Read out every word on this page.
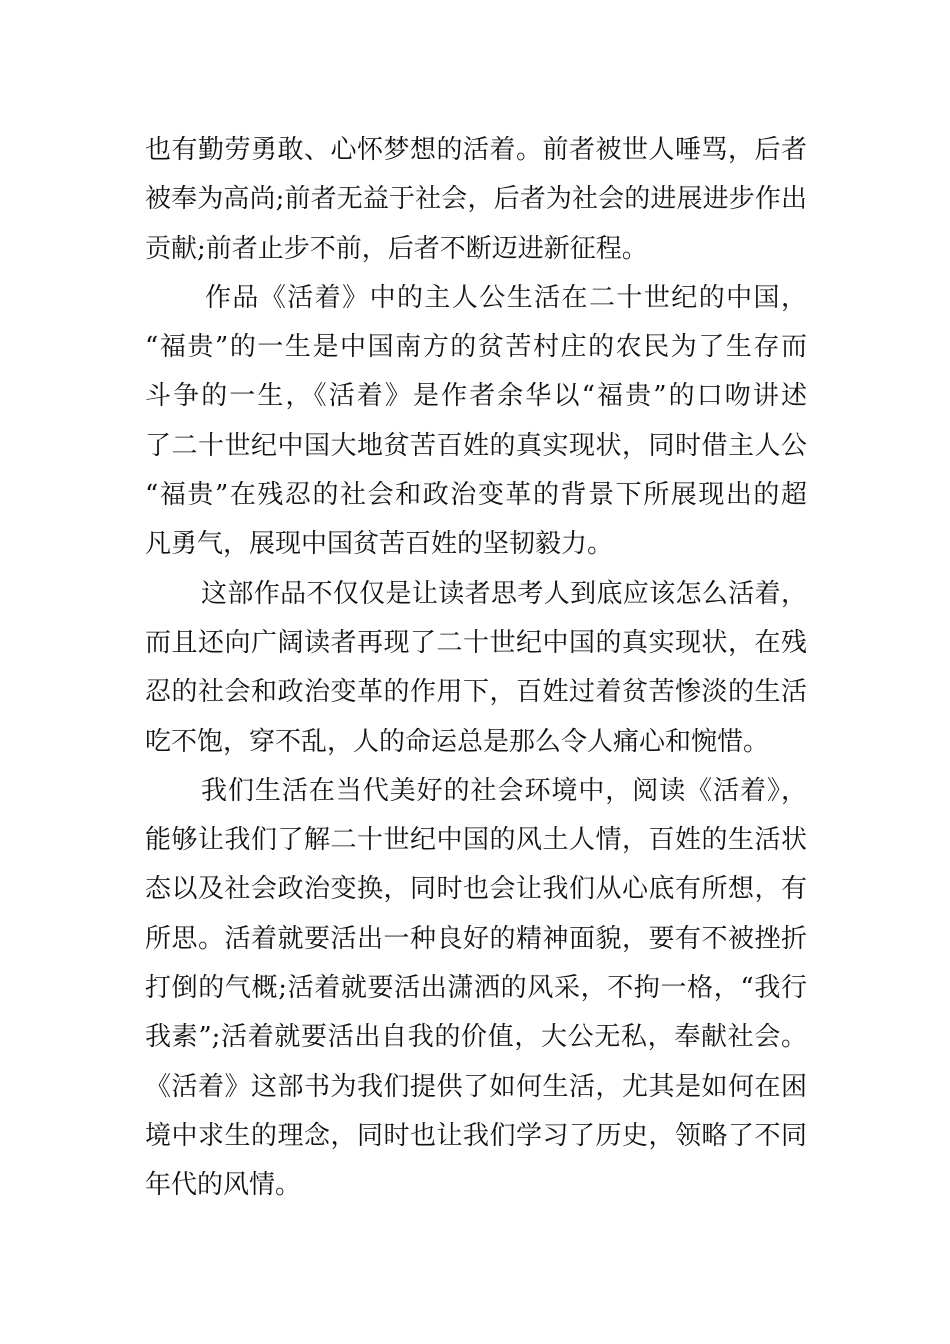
也有勤劳勇敢、心怀梦想的活着。前者被世人唾骂，后者
被奉为高尚;前者无益于社会，后者为社会的进展进步作出
贡献;前者止步不前，后者不断迈进新征程。
作品《活着》中的主人公生活在二十世纪的中国，
“福贵”的一生是中国南方的贫苦村庄的农民为了生存而
斗争的一生，《活着》是作者余华以“福贵”的口吻讲述
了二十世纪中国大地贫苦百姓的真实现状，同时借主人公
“福贵”在残忍的社会和政治变革的背景下所展现出的超
凡勇气，展现中国贫苦百姓的坚韧毅力。
这部作品不仅仅是让读者思考人到底应该怎么活着，
而且还向广阔读者再现了二十世纪中国的真实现状，在残
忍的社会和政治变革的作用下，百姓过着贫苦惨淡的生活
吃不饱，穿不乱，人的命运总是那么令人痛心和惋惜。
我们生活在当代美好的社会环境中，阅读《活着》，
能够让我们了解二十世纪中国的风土人情，百姓的生活状
态以及社会政治变换，同时也会让我们从心底有所想，有
所思。活着就要活出一种良好的精神面貌，要有不被挫折
打倒的气概;活着就要活出潇洒的风采，不拘一格，“我行
我素”;活着就要活出自我的价值，大公无私，奉献社会。
《活着》这部书为我们提供了如何生活，尤其是如何在困
境中求生的理念，同时也让我们学习了历史，领略了不同
年代的风情。
